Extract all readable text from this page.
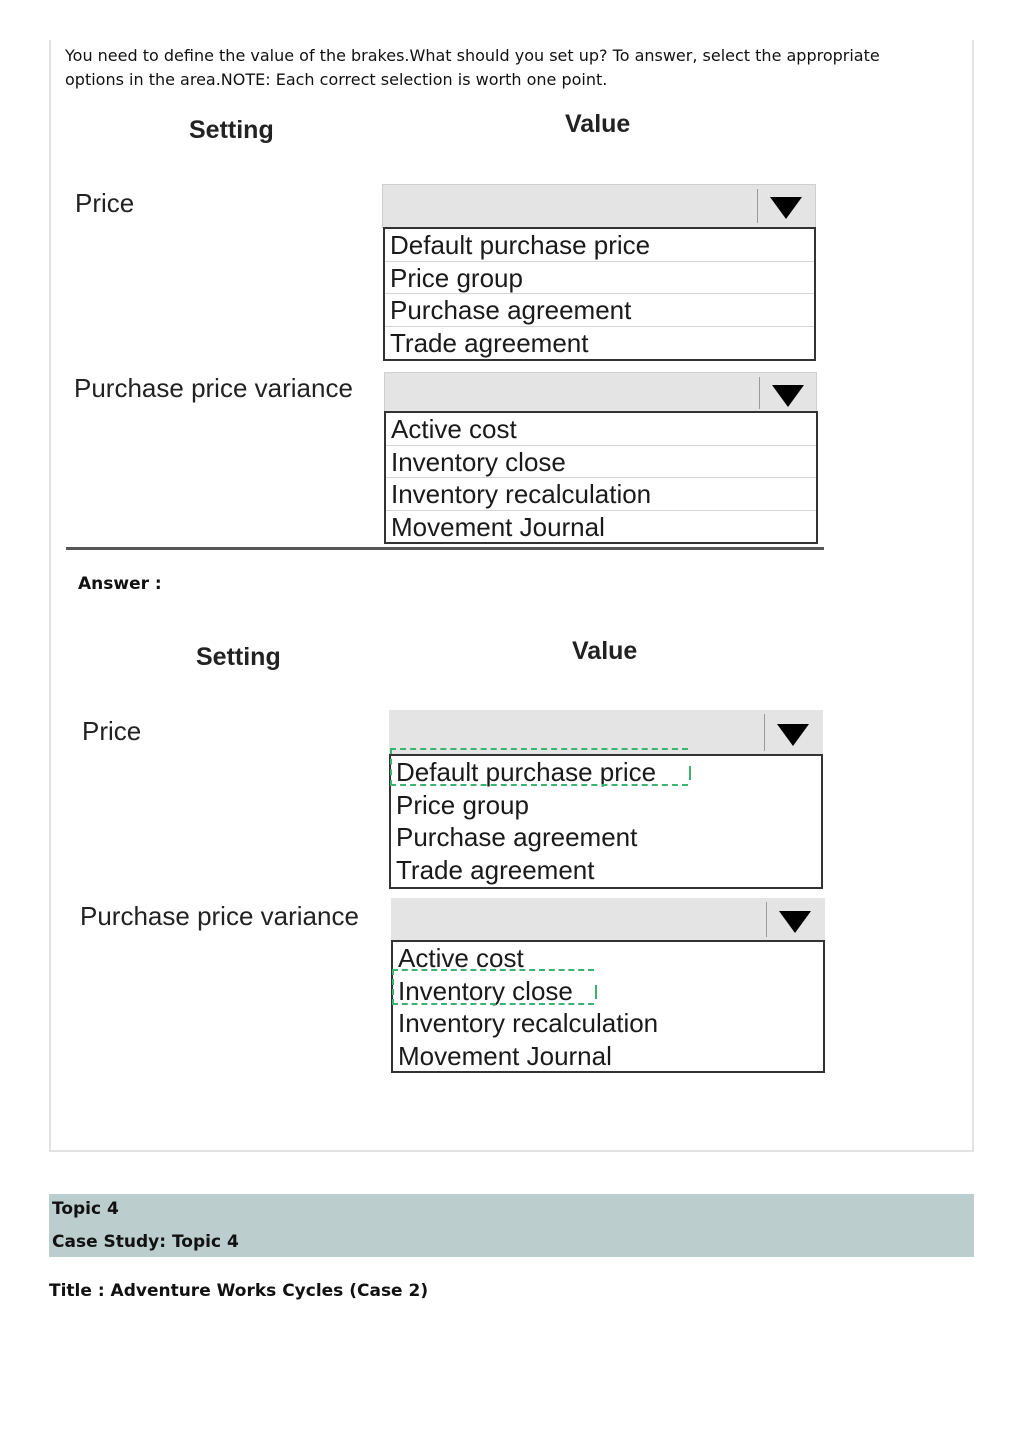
You need to define the value of the brakes.What should you set up? To answer, select the appropriate options in the area.NOTE: Each correct selection is worth one point.

Setting	Value
Price
Default purchase price
Price group
Purchase agreement
Trade agreement
Purchase price variance
Active cost
Inventory close
Inventory recalculation
Movement Journal
Answer :
Setting	Value
Price
Default purchase price
Price group
Purchase agreement
Trade agreement
Purchase price variance
Active cost
Inventory close
Inventory recalculation
Movement Journal
Topic 4
Case Study: Topic 4
Title : Adventure Works Cycles (Case 2)
